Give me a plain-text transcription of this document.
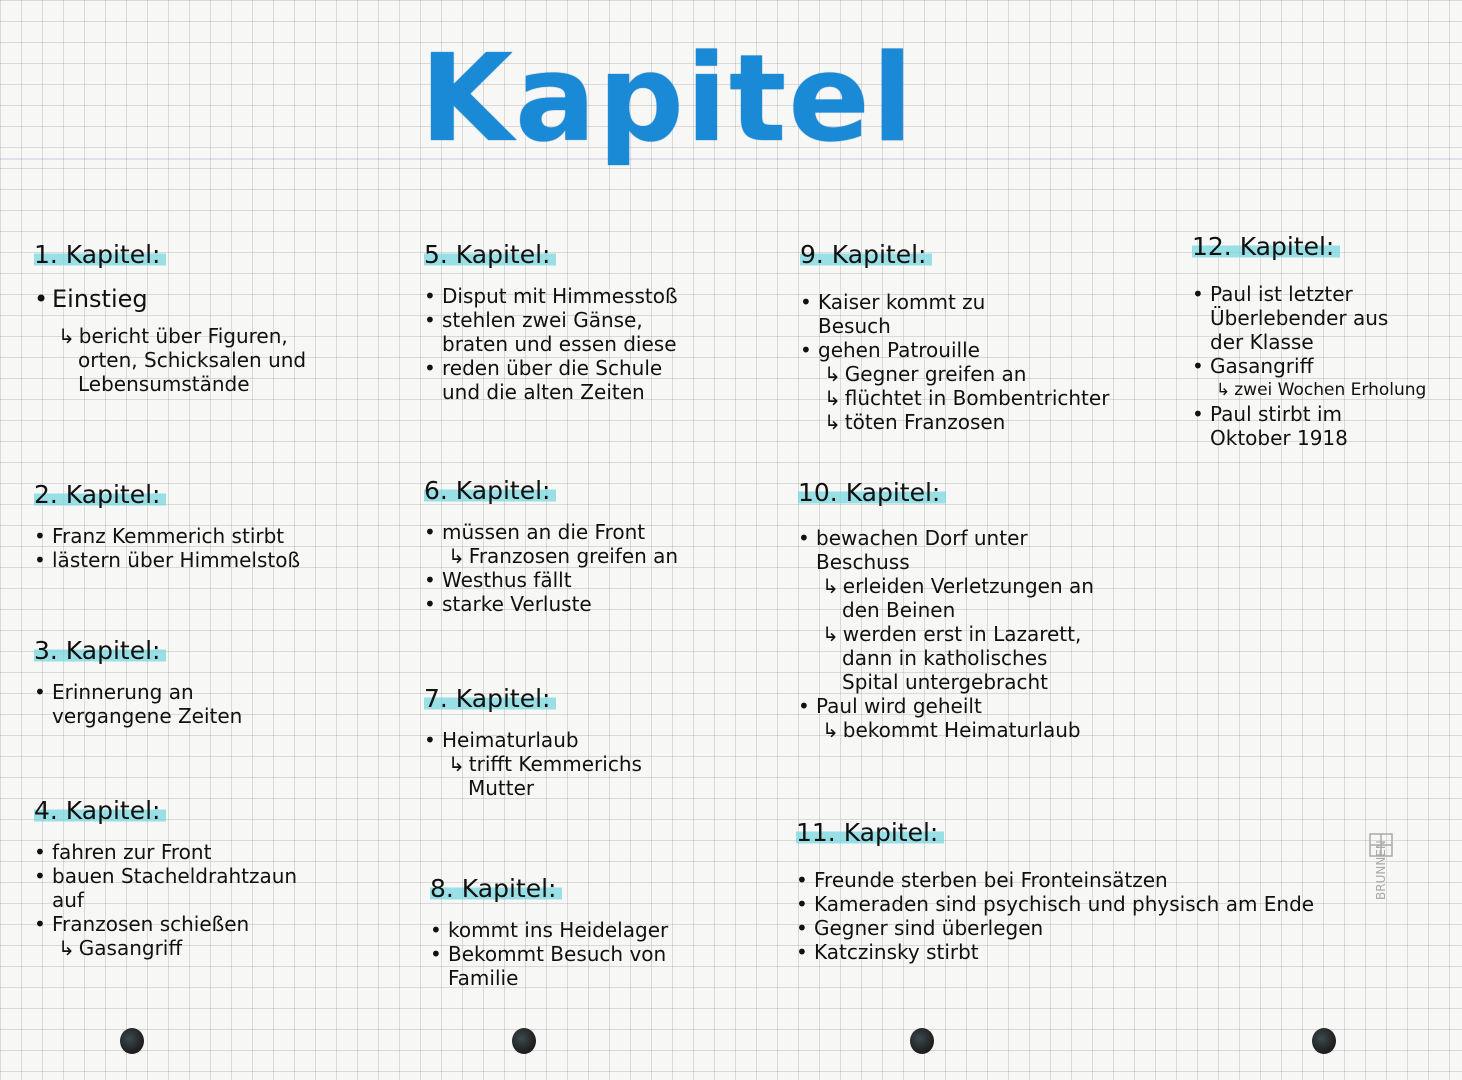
Kapitel
1. Kapitel:
• Einstieg
↳ bericht über Figuren,
orten, Schicksalen und
Lebensumstände
2. Kapitel:
• Franz Kemmerich stirbt
• lästern über Himmelstoß
3. Kapitel:
• Erinnerung an
vergangene Zeiten
4. Kapitel:
• fahren zur Front
• bauen Stacheldrahtzaun
auf
• Franzosen schießen
↳ Gasangriff
5. Kapitel:
• Disput mit Himmesstoß
• stehlen zwei Gänse,
braten und essen diese
• reden über die Schule
und die alten Zeiten
6. Kapitel:
• müssen an die Front
↳ Franzosen greifen an
• Westhus fällt
• starke Verluste
7. Kapitel:
• Heimaturlaub
↳ trifft Kemmerichs
Mutter
8. Kapitel:
• kommt ins Heidelager
• Bekommt Besuch von
Familie
9. Kapitel:
• Kaiser kommt zu
Besuch
• gehen Patrouille
↳ Gegner greifen an
↳ flüchtet in Bombentrichter
↳ töten Franzosen
10. Kapitel:
• bewachen Dorf unter
Beschuss
↳ erleiden Verletzungen an
den Beinen
↳ werden erst in Lazarett,
dann in katholisches
Spital untergebracht
• Paul wird geheilt
↳ bekommt Heimaturlaub
11. Kapitel:
• Freunde sterben bei Fronteinsätzen
• Kameraden sind psychisch und physisch am Ende
• Gegner sind überlegen
• Katczinsky stirbt
12. Kapitel:
• Paul ist letzter
Überlebender aus
der Klasse
• Gasangriff
↳ zwei Wochen Erholung
• Paul stirbt im
Oktober 1918
BRUNNEN
